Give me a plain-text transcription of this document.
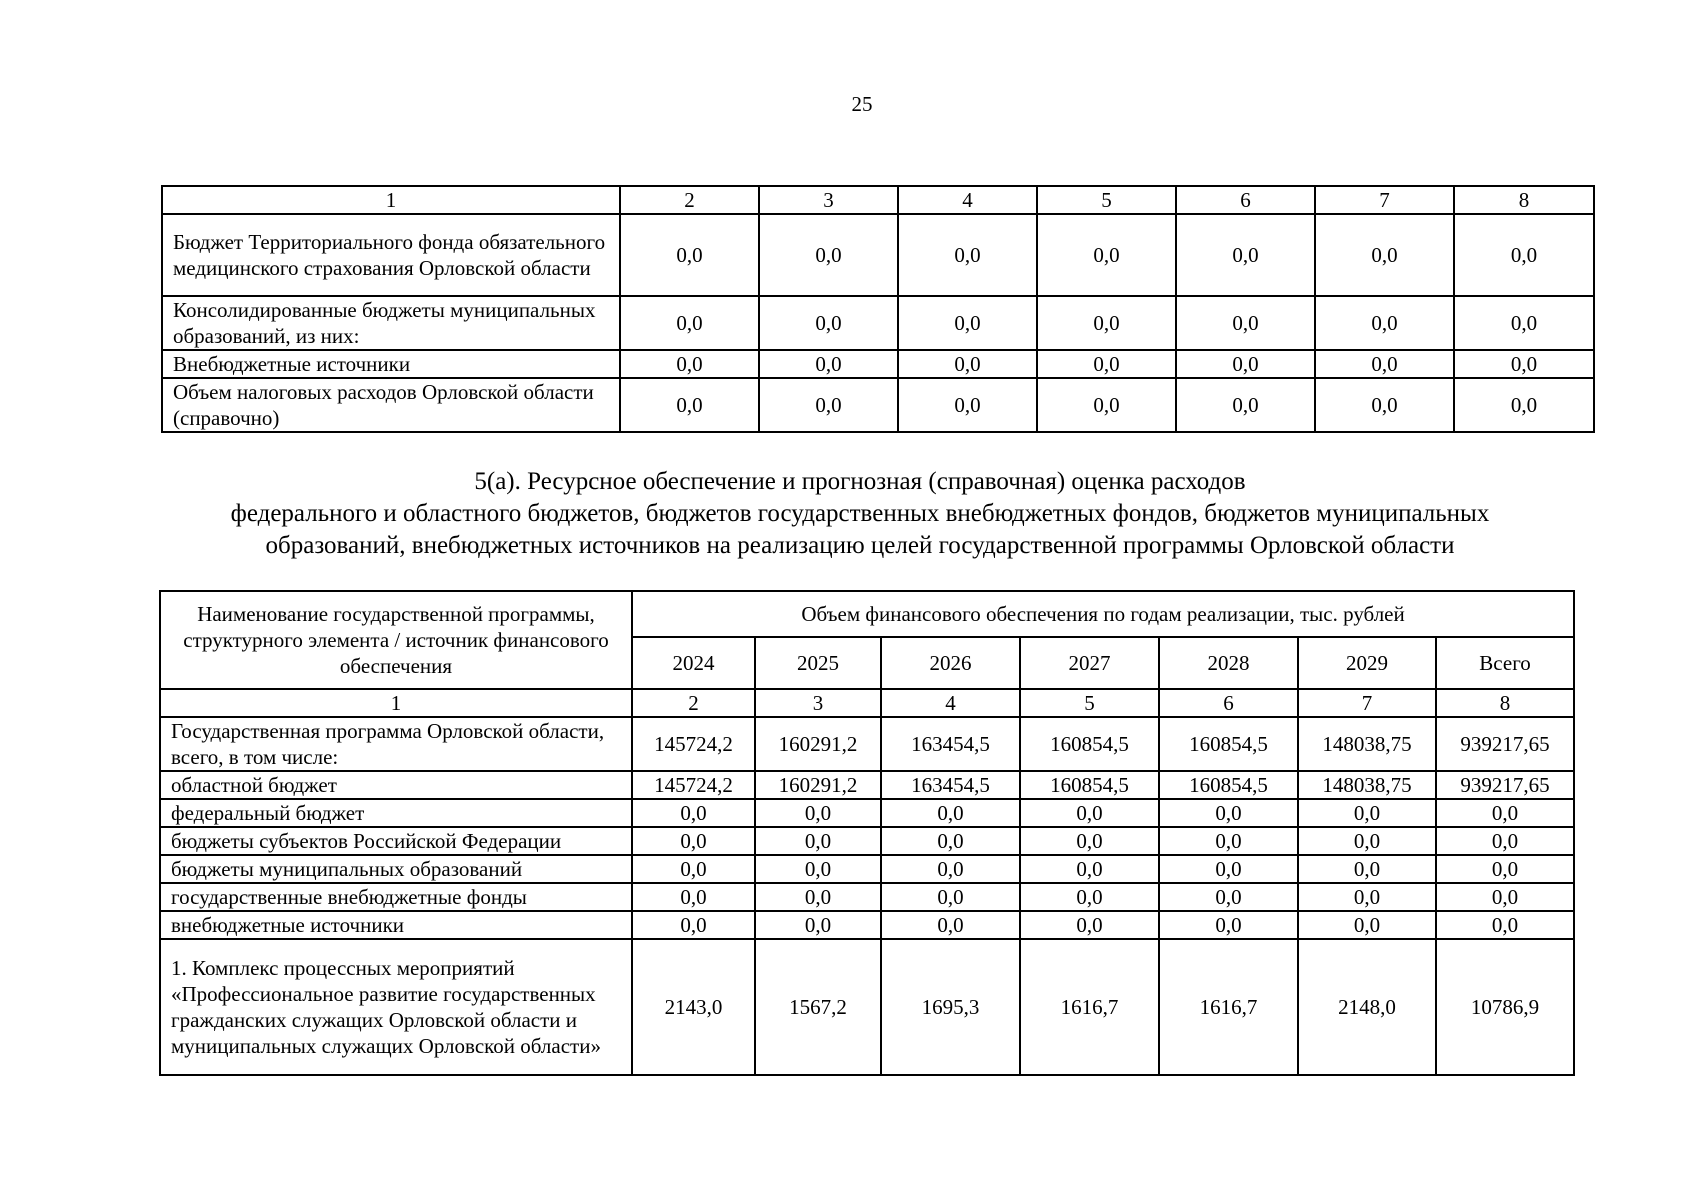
25
1	2	3	4	5	6	7	8
Бюджет Территориального фонда обязательного медицинского страхования Орловской области	0,0	0,0	0,0	0,0	0,0	0,0	0,0
Консолидированные бюджеты муниципальных образований, из них:	0,0	0,0	0,0	0,0	0,0	0,0	0,0
Внебюджетные источники	0,0	0,0	0,0	0,0	0,0	0,0	0,0
Объем налоговых расходов Орловской области (справочно)	0,0	0,0	0,0	0,0	0,0	0,0	0,0
5(а). Ресурсное обеспечение и прогнозная (справочная) оценка расходов
федерального и областного бюджетов, бюджетов государственных внебюджетных фондов, бюджетов муниципальных
образований, внебюджетных источников на реализацию целей государственной программы Орловской области
Наименование государственной программы, структурного элемента / источник финансового обеспечения	Объем финансового обеспечения по годам реализации, тыс. рублей						
	2024	2025	2026	2027	2028	2029	Всего
1	2	3	4	5	6	7	8
Государственная программа Орловской области, всего, в том числе:	145724,2	160291,2	163454,5	160854,5	160854,5	148038,75	939217,65
областной бюджет	145724,2	160291,2	163454,5	160854,5	160854,5	148038,75	939217,65
федеральный бюджет	0,0	0,0	0,0	0,0	0,0	0,0	0,0
бюджеты субъектов Российской Федерации	0,0	0,0	0,0	0,0	0,0	0,0	0,0
бюджеты муниципальных образований	0,0	0,0	0,0	0,0	0,0	0,0	0,0
государственные внебюджетные фонды	0,0	0,0	0,0	0,0	0,0	0,0	0,0
внебюджетные источники	0,0	0,0	0,0	0,0	0,0	0,0	0,0
1. Комплекс процессных мероприятий «Профессиональное развитие государственных гражданских служащих Орловской области и муниципальных служащих Орловской области»	2143,0	1567,2	1695,3	1616,7	1616,7	2148,0	10786,9
